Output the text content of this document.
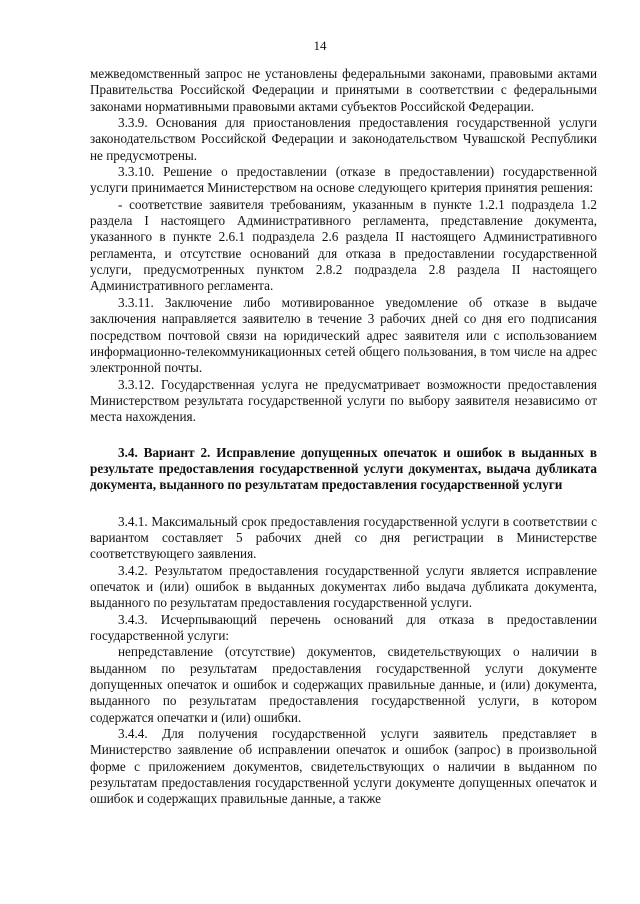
14

межведомственный запрос не установлены федеральными законами, правовыми актами Правительства Российской Федерации и принятыми в соответствии с федеральными законами нормативными правовыми актами субъектов Российской Федерации.

3.3.9. Основания для приостановления предоставления государственной услуги законодательством Российской Федерации и законодательством Чувашской Республики не предусмотрены.

3.3.10. Решение о предоставлении (отказе в предоставлении) государственной услуги принимается Министерством на основе следующего критерия принятия решения:

- соответствие заявителя требованиям, указанным в пункте 1.2.1 подраздела 1.2 раздела I настоящего Административного регламента, представление документа, указанного в пункте 2.6.1 подраздела 2.6 раздела II настоящего Административного регламента, и отсутствие оснований для отказа в предоставлении государственной услуги, предусмотренных пунктом 2.8.2 подраздела 2.8 раздела II настоящего Административного регламента.

3.3.11. Заключение либо мотивированное уведомление об отказе в выдаче заключения направляется заявителю в течение 3 рабочих дней со дня его подписания посредством почтовой связи на юридический адрес заявителя или с использованием информационно-телекоммуникационных сетей общего пользования, в том числе на адрес электронной почты.

3.3.12. Государственная услуга не предусматривает возможности предоставления Министерством результата государственной услуги по выбору заявителя независимо от места нахождения.

3.4. Вариант 2. Исправление допущенных опечаток и ошибок в выданных в результате предоставления государственной услуги документах, выдача дубликата документа, выданного по результатам предоставления государственной услуги

3.4.1. Максимальный срок предоставления государственной услуги в соответствии с вариантом составляет 5 рабочих дней со дня регистрации в Министерстве соответствующего заявления.

3.4.2. Результатом предоставления государственной услуги является исправление опечаток и (или) ошибок в выданных документах либо выдача дубликата документа, выданного по результатам предоставления государственной услуги.

3.4.3. Исчерпывающий перечень оснований для отказа в предоставлении государственной услуги:

непредставление (отсутствие) документов, свидетельствующих о наличии в выданном по результатам предоставления государственной услуги документе допущенных опечаток и ошибок и содержащих правильные данные, и (или) документа, выданного по результатам предоставления государственной услуги, в котором содержатся опечатки и (или) ошибки.

3.4.4. Для получения государственной услуги заявитель представляет в Министерство заявление об исправлении опечаток и ошибок (запрос) в произвольной форме с приложением документов, свидетельствующих о наличии в выданном по результатам предоставления государственной услуги документе допущенных опечаток и ошибок и содержащих правильные данные, а также
